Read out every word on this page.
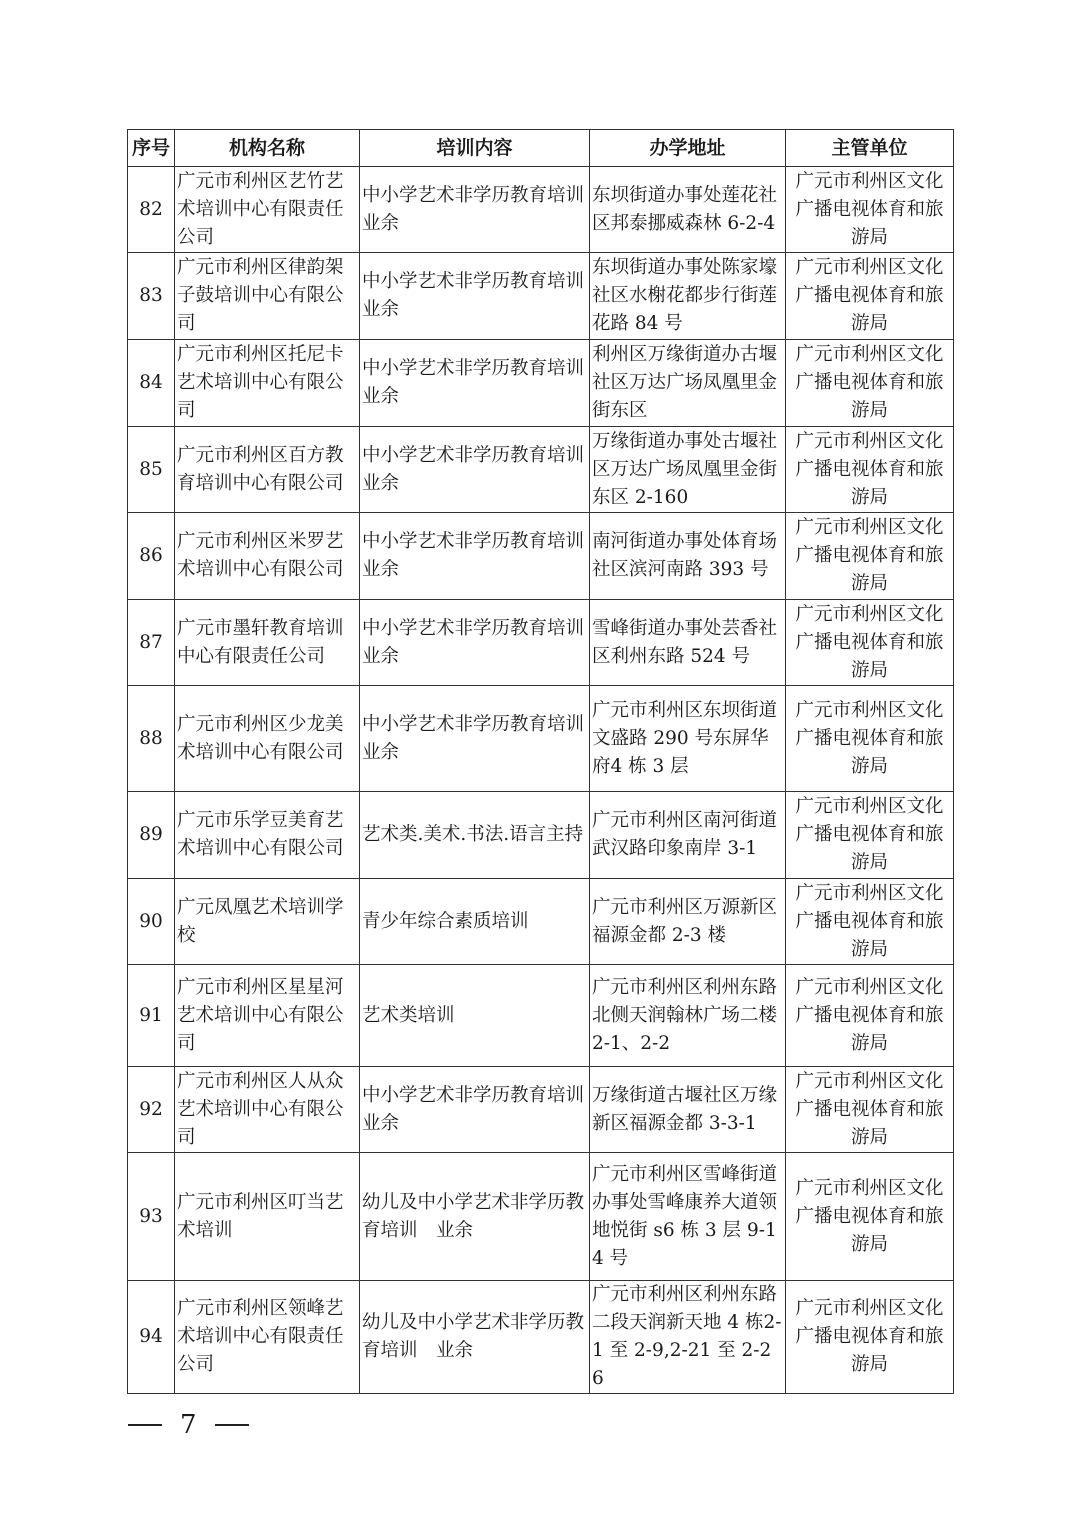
序号	机构名称	培训内容	办学地址	主管单位
82	广元市利州区艺竹艺术培训中心有限责任公司	中小学艺术非学历教育培训业余	东坝街道办事处莲花社区邦泰挪威森林 6-2-4	广元市利州区文化广播电视体育和旅游局
83	广元市利州区律韵架子鼓培训中心有限公司	中小学艺术非学历教育培训业余	东坝街道办事处陈家壕社区水榭花都步行街莲花路 84 号	广元市利州区文化广播电视体育和旅游局
84	广元市利州区托尼卡艺术培训中心有限公司	中小学艺术非学历教育培训业余	利州区万缘街道办古堰社区万达广场凤凰里金街东区	广元市利州区文化广播电视体育和旅游局
85	广元市利州区百方教育培训中心有限公司	中小学艺术非学历教育培训业余	万缘街道办事处古堰社区万达广场凤凰里金街东区 2-160	广元市利州区文化广播电视体育和旅游局
86	广元市利州区米罗艺术培训中心有限公司	中小学艺术非学历教育培训业余	南河街道办事处体育场社区滨河南路 393 号	广元市利州区文化广播电视体育和旅游局
87	广元市墨轩教育培训中心有限责任公司	中小学艺术非学历教育培训业余	雪峰街道办事处芸香社区利州东路 524 号	广元市利州区文化广播电视体育和旅游局
88	广元市利州区少龙美术培训中心有限公司	中小学艺术非学历教育培训业余	广元市利州区东坝街道文盛路 290 号东屏华府4 栋 3 层	广元市利州区文化广播电视体育和旅游局
89	广元市乐学豆美育艺术培训中心有限公司	艺术类.美术.书法.语言主持	广元市利州区南河街道武汉路印象南岸 3-1	广元市利州区文化广播电视体育和旅游局
90	广元凤凰艺术培训学校	青少年综合素质培训	广元市利州区万源新区福源金都 2-3 楼	广元市利州区文化广播电视体育和旅游局
91	广元市利州区星星河艺术培训中心有限公司	艺术类培训	广元市利州区利州东路北侧天润翰林广场二楼2-1、2-2	广元市利州区文化广播电视体育和旅游局
92	广元市利州区人从众艺术培训中心有限公司	中小学艺术非学历教育培训业余	万缘街道古堰社区万缘新区福源金都 3-3-1	广元市利州区文化广播电视体育和旅游局
93	广元市利州区叮当艺术培训	幼儿及中小学艺术非学历教育培训　业余	广元市利州区雪峰街道办事处雪峰康养大道领地悦街 s6 栋 3 层 9-14 号	广元市利州区文化广播电视体育和旅游局
94	广元市利州区领峰艺术培训中心有限责任公司	幼儿及中小学艺术非学历教育培训　业余	广元市利州区利州东路二段天润新天地 4 栋2-1 至 2-9,2-21 至 2-26	广元市利州区文化广播电视体育和旅游局
7
